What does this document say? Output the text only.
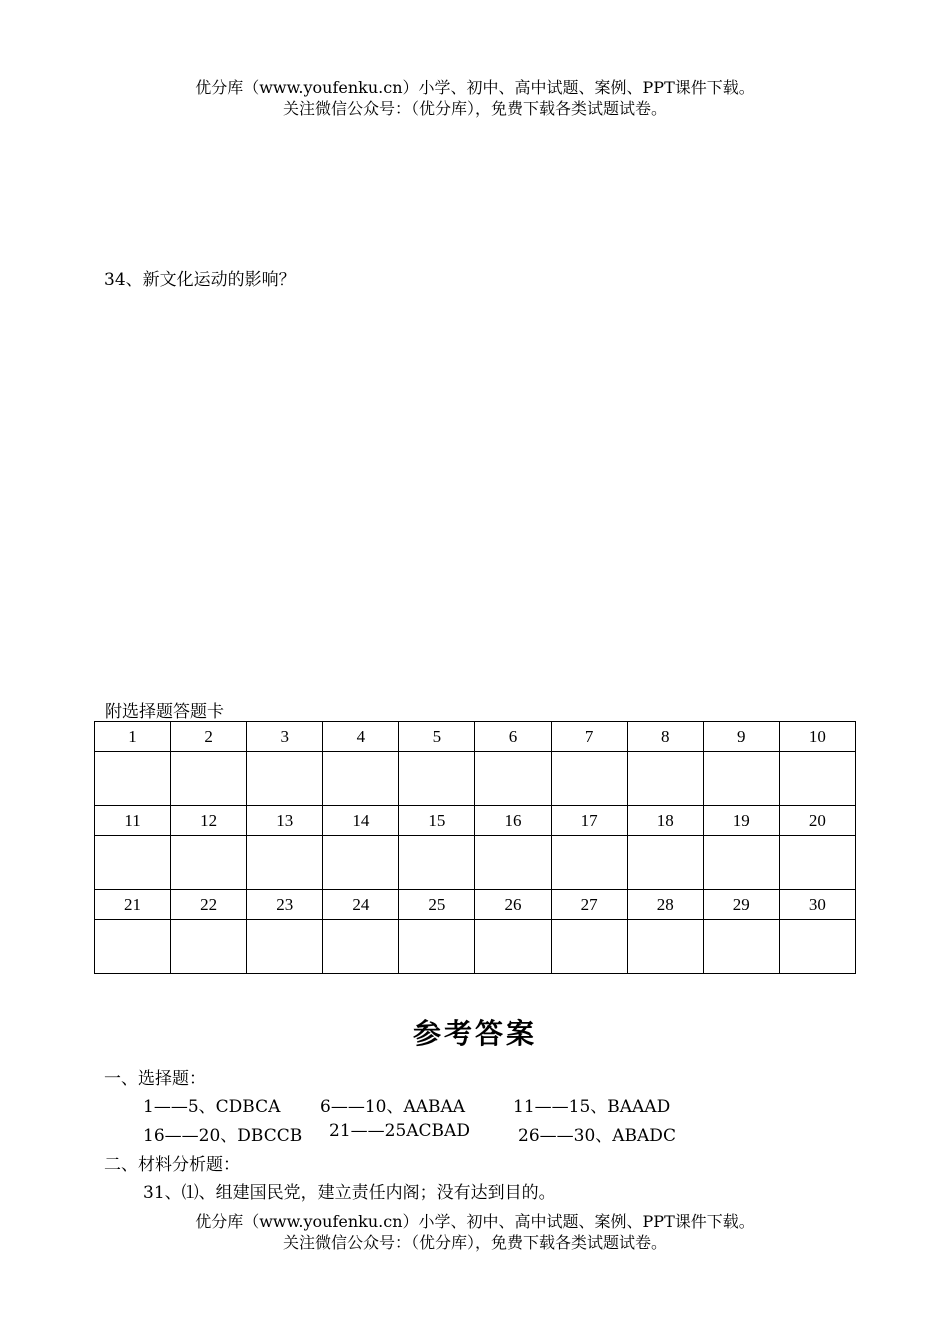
优分库（www.youfenku.cn）小学、初中、高中试题、案例、PPT课件下载。
关注微信公众号：（优分库），免费下载各类试题试卷。
34、新文化运动的影响？
附选择题答题卡
1	2	3	4	5	6	7	8	9	10

11	12	13	14	15	16	17	18	19	20

21	22	23	24	25	26	27	28	29	30

参考答案
一、选择题：
1——5、CDBCA 6——10、AABAA	11——15、BAAAD
16——20、DBCCB 21——25ACBAD	26——30、ABADC
二、材料分析题：
31、⑴、组建国民党，建立责任内阁；没有达到目的。
优分库（www.youfenku.cn）小学、初中、高中试题、案例、PPT课件下载。
关注微信公众号：（优分库），免费下载各类试题试卷。
